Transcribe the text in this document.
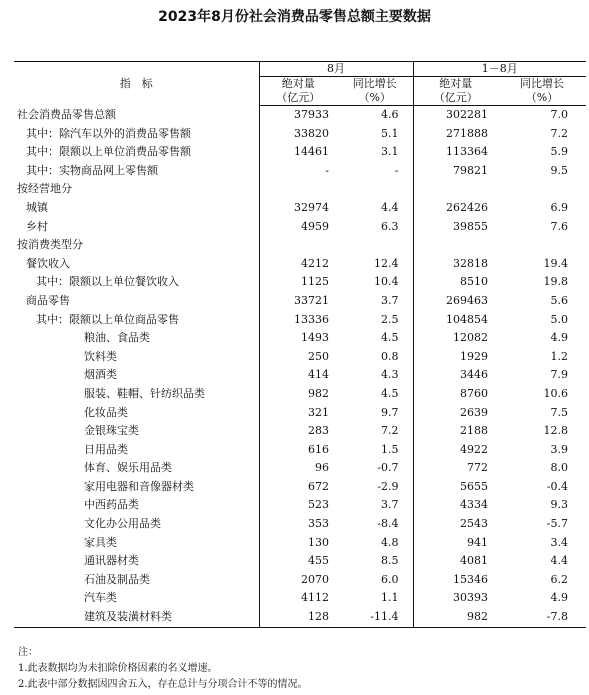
2023年8月份社会消费品零售总额主要数据
指　标	8月		1－8月	
	绝对量	同比增长	绝对量	同比增长
	（亿元）	（%）	（亿元）	（%）
社会消费品零售总额	37933	4.6	302281	7.0
其中：除汽车以外的消费品零售额	33820	5.1	271888	7.2
其中：限额以上单位消费品零售额	14461	3.1	113364	5.9
其中：实物商品网上零售额	-	-	79821	9.5
按经营地分				
城镇	32974	4.4	262426	6.9
乡村	4959	6.3	39855	7.6
按消费类型分				
餐饮收入	4212	12.4	32818	19.4
其中：限额以上单位餐饮收入	1125	10.4	8510	19.8
商品零售	33721	3.7	269463	5.6
其中：限额以上单位商品零售	13336	2.5	104854	5.0
粮油、食品类	1493	4.5	12082	4.9
饮料类	250	0.8	1929	1.2
烟酒类	414	4.3	3446	7.9
服装、鞋帽、针纺织品类	982	4.5	8760	10.6
化妆品类	321	9.7	2639	7.5
金银珠宝类	283	7.2	2188	12.8
日用品类	616	1.5	4922	3.9
体育、娱乐用品类	96	-0.7	772	8.0
家用电器和音像器材类	672	-2.9	5655	-0.4
中西药品类	523	3.7	4334	9.3
文化办公用品类	353	-8.4	2543	-5.7
家具类	130	4.8	941	3.4
通讯器材类	455	8.5	4081	4.4
石油及制品类	2070	6.0	15346	6.2
汽车类	4112	1.1	30393	4.9
建筑及装潢材料类	128	-11.4	982	-7.8
注：
1.此表数据均为未扣除价格因素的名义增速。
2.此表中部分数据因四舍五入，存在总计与分项合计不等的情况。
